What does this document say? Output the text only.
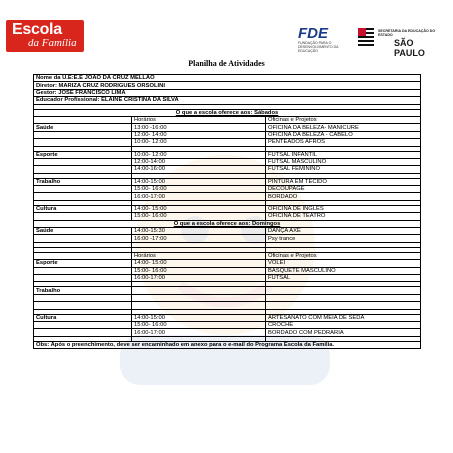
Escola
da Família
FDE
FUNDAÇÃO PARA O DESENVOLVIMENTO DA EDUCAÇÃO
SECRETARIA DA EDUCAÇÃO DO ESTADO
SÃO PAULO
Planilha de Atividades
Nome da U.E:E.E JOÃO DA CRUZ MELLÃO		
Diretor: MARIZA CRUZ RODRIGUES ORSOLINI		
Gestor: JOSÉ FRANCISCO LIMA		
Educador Profissional: ELAINE CRISTINA DA SILVA		

O que a escola oferece aos: Sábados		
	Horários	Oficinas e Projetos
Saúde	13:00 -16:00	OFICINA DA BELEZA- MANICURE
	12:00- 14:00	OFICINA DA BELEZA - CABELO
	10:00- 12:00	PENTEADOS AFROS

Esporte	10:00- 12:00	FUTSAL INFANTIL
	12:00-14:00	FUTSAL MASCULINO
	14:00-16:00	FUTSAL FEMININO

Trabalho	14:00-15:00	PINTURA EM TECIDO
	15:00- 16:00	DECOUPAGE
	16:00-17:00	BORDADO

Cultura	14:00- 15:00	OFICINA DE INGLÊS
	15:00- 16:00	OFICINA DE TEATRO
O que a escola oferece aos: Domingos		
Saúde	14:00-15:30	DANÇA AXÉ
	16:00 -17:00	Psy trance

	Horários	Oficinas e Projetos
Esporte	14:00- 15:00	VÔLEI
	15:00- 16:00	BASQUETE MASCULINO
	16:00-17:00	FUTSAL

Trabalho		

Cultura	14:00-15:00	ARTESANATO COM MEIA DE SEDA
	15:00- 16:00	CROCHÊ
	16:00-17:00	BORDADO COM PEDRARIA

Obs: Após o preenchimento, deve ser encaminhado em anexo para o e-mail do Programa Escola da Família.		
